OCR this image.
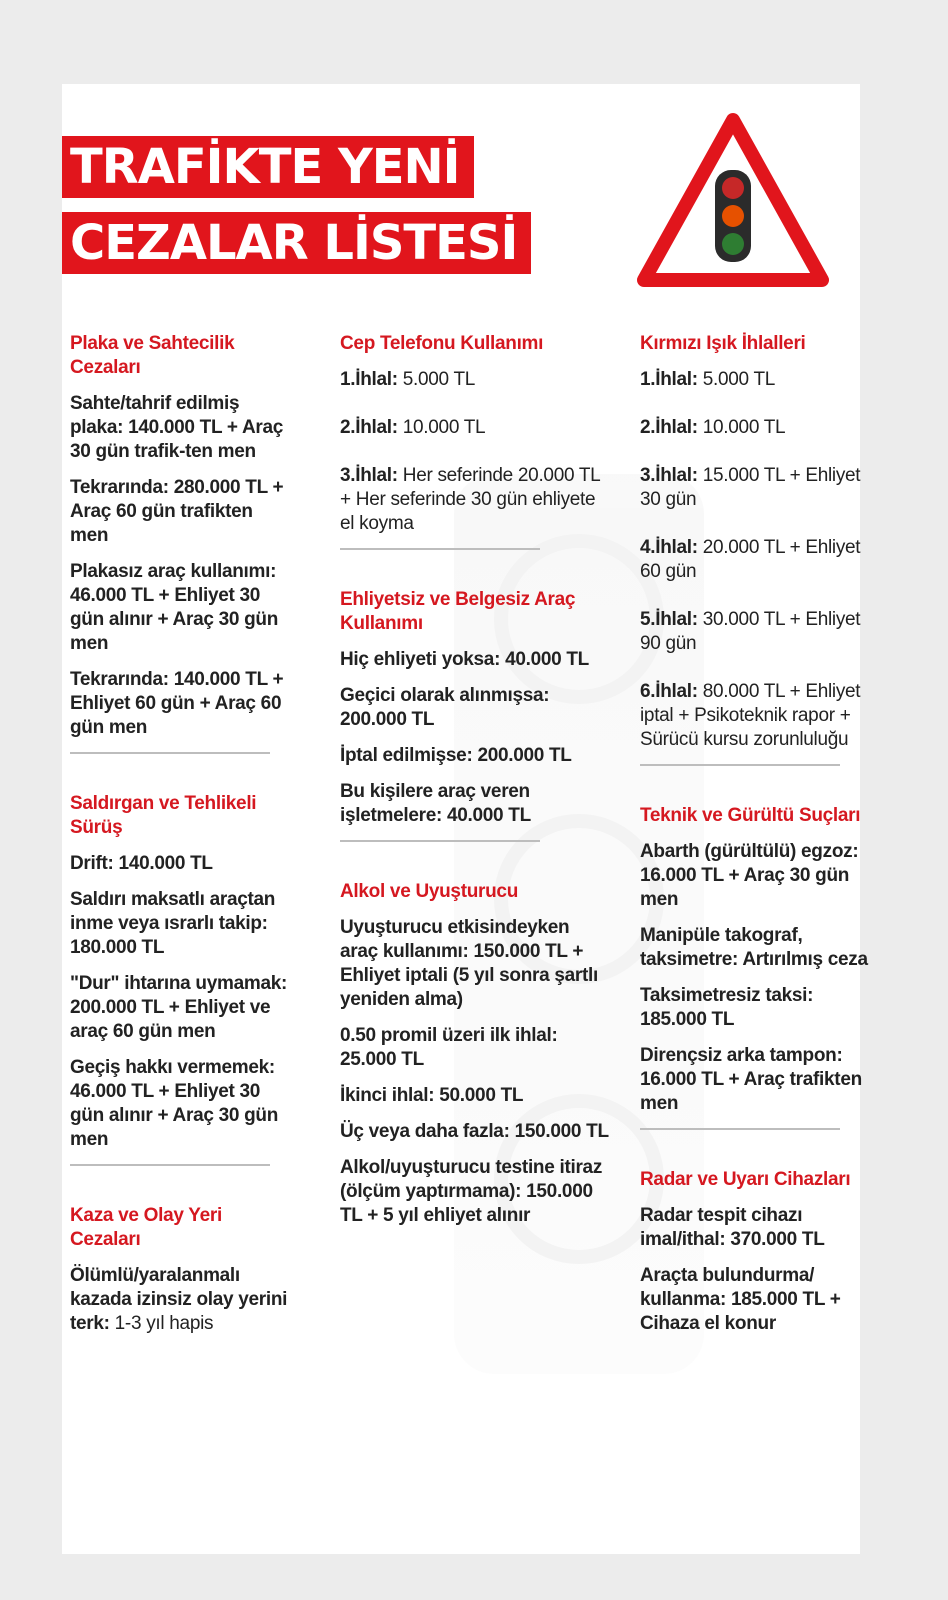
TRAFİKTE YENİ
CEZALAR LİSTESİ
Plaka ve Sahtecilik Cezaları
Sahte/tahrif edilmiş plaka: 140.000 TL + Araç 30 gün trafik-ten men
Tekrarında: 280.000 TL + Araç 60 gün trafikten men
Plakasız araç kullanımı: 46.000 TL + Ehliyet 30 gün alınır + Araç 30 gün men
Tekrarında: 140.000 TL + Ehliyet 60 gün + Araç 60 gün men
Saldırgan ve Tehlikeli Sürüş
Drift: 140.000 TL
Saldırı maksatlı araçtan inme veya ısrarlı takip: 180.000 TL
"Dur" ihtarına uymamak: 200.000 TL + Ehliyet ve araç 60 gün men
Geçiş hakkı vermemek: 46.000 TL + Ehliyet 30 gün alınır + Araç 30 gün men
Kaza ve Olay Yeri Cezaları
Ölümlü/yaralanmalı kazada izinsiz olay yerini terk: 1-3 yıl hapis
Cep Telefonu Kullanımı
1.İhlal: 5.000 TL
2.İhlal: 10.000 TL
3.İhlal: Her seferinde 20.000 TL + Her seferinde 30 gün ehliyete el koyma
Ehliyetsiz ve Belgesiz Araç Kullanımı
Hiç ehliyeti yoksa: 40.000 TL
Geçici olarak alınmışsa: 200.000 TL
İptal edilmişse: 200.000 TL
Bu kişilere araç veren işletmelere: 40.000 TL
Alkol ve Uyuşturucu
Uyuşturucu etkisindeyken araç kullanımı: 150.000 TL + Ehliyet iptali (5 yıl sonra şartlı yeniden alma)
0.50 promil üzeri ilk ihlal: 25.000 TL
İkinci ihlal: 50.000 TL
Üç veya daha fazla: 150.000 TL
Alkol/uyuşturucu testine itiraz (ölçüm yaptırmama): 150.000 TL + 5 yıl ehliyet alınır
Kırmızı Işık İhlalleri
1.İhlal: 5.000 TL
2.İhlal: 10.000 TL
3.İhlal: 15.000 TL + Ehliyet 30 gün
4.İhlal: 20.000 TL + Ehliyet 60 gün
5.İhlal: 30.000 TL + Ehliyet 90 gün
6.İhlal: 80.000 TL + Ehliyet iptal + Psikoteknik rapor + Sürücü kursu zorunluluğu
Teknik ve Gürültü Suçları
Abarth (gürültülü) egzoz: 16.000 TL + Araç 30 gün men
Manipüle takograf, taksimetre: Artırılmış ceza
Taksimetresiz taksi: 185.000 TL
Dirençsiz arka tampon: 16.000 TL + Araç trafikten men
Radar ve Uyarı Cihazları
Radar tespit cihazı imal/ithal: 370.000 TL
Araçta bulundurma/ kullanma: 185.000 TL + Cihaza el konur
